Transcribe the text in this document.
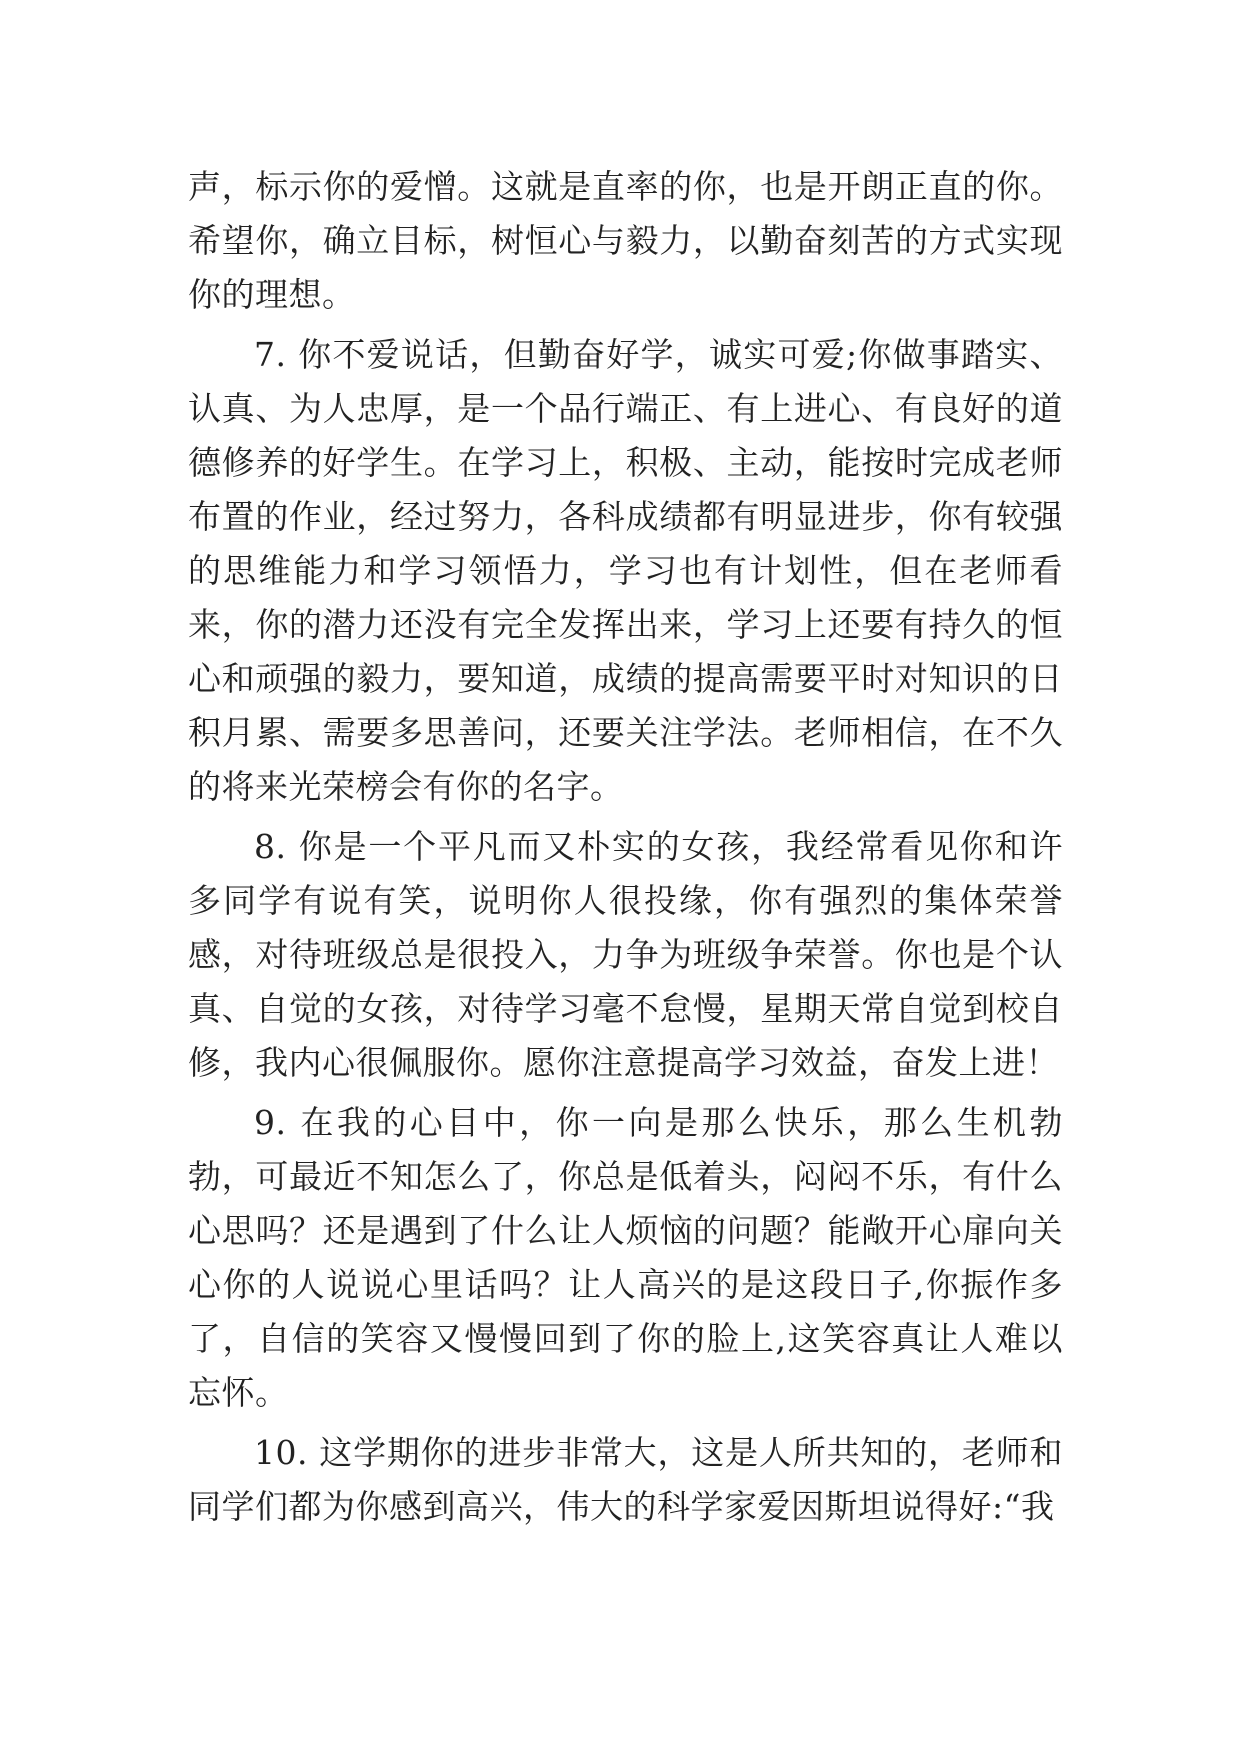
声，标示你的爱憎。这就是直率的你，也是开朗正直的你。希望你，确立目标，树恒心与毅力，以勤奋刻苦的方式实现你的理想。

7. 你不爱说话，但勤奋好学，诚实可爱;你做事踏实、认真、为人忠厚，是一个品行端正、有上进心、有良好的道德修养的好学生。在学习上，积极、主动，能按时完成老师布置的作业，经过努力，各科成绩都有明显进步，你有较强的思维能力和学习领悟力，学习也有计划性，但在老师看来，你的潜力还没有完全发挥出来，学习上还要有持久的恒心和顽强的毅力，要知道，成绩的提高需要平时对知识的日积月累、需要多思善问，还要关注学法。老师相信，在不久的将来光荣榜会有你的名字。

8. 你是一个平凡而又朴实的女孩，我经常看见你和许多同学有说有笑，说明你人很投缘，你有强烈的集体荣誉感，对待班级总是很投入，力争为班级争荣誉。你也是个认真、自觉的女孩，对待学习毫不怠慢，星期天常自觉到校自修，我内心很佩服你。愿你注意提高学习效益，奋发上进！

9. 在我的心目中，你一向是那么快乐，那么生机勃勃，可最近不知怎么了，你总是低着头，闷闷不乐，有什么心思吗？还是遇到了什么让人烦恼的问题？能敞开心扉向关心你的人说说心里话吗？让人高兴的是这段日子,你振作多了，自信的笑容又慢慢回到了你的脸上,这笑容真让人难以忘怀。

10. 这学期你的进步非常大，这是人所共知的，老师和同学们都为你感到高兴，伟大的科学家爱因斯坦说得好:“我
